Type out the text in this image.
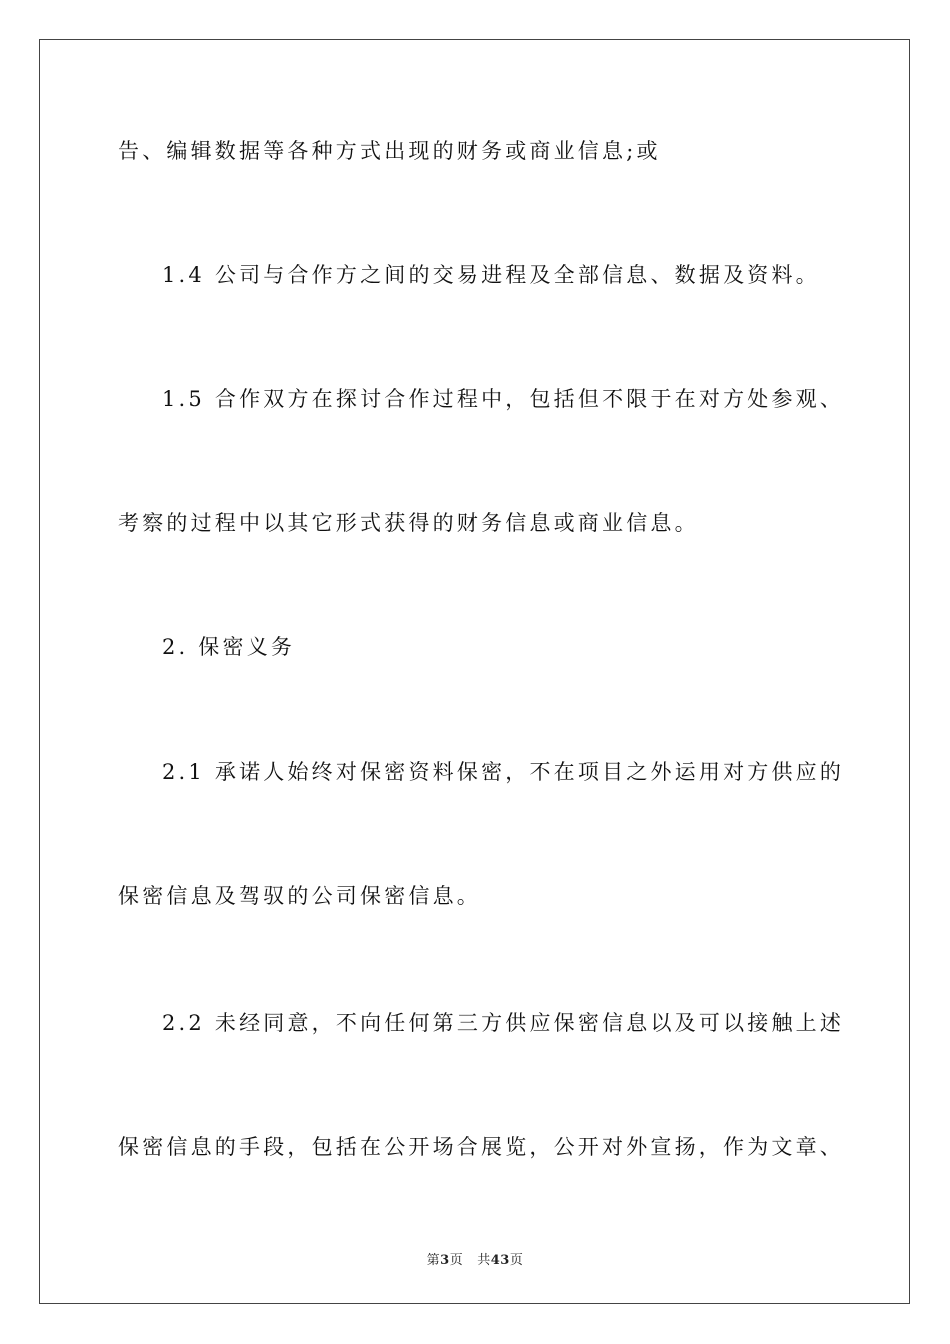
告、编辑数据等各种方式出现的财务或商业信息;或
1.4 公司与合作方之间的交易进程及全部信息、数据及资料。
1.5 合作双方在探讨合作过程中，包括但不限于在对方处参观、
考察的过程中以其它形式获得的财务信息或商业信息。
2. 保密义务
2.1 承诺人始终对保密资料保密，不在项目之外运用对方供应的
保密信息及驾驭的公司保密信息。
2.2 未经同意，不向任何第三方供应保密信息以及可以接触上述
保密信息的手段，包括在公开场合展览，公开对外宣扬，作为文章、
第3页 共43页
